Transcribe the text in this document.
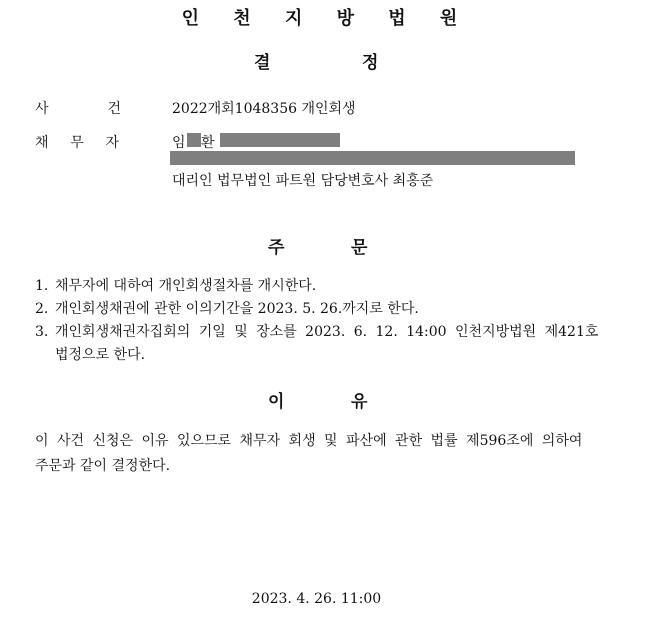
인 천 지 방 법 원
결	정
사	건	2022개회1048356 개인회생
채 무 자	임 환
대리인 법무법인 파트원 담당변호사 최홍준
주	문
1. 채무자에 대하여 개인회생절차를 개시한다.
2. 개인회생채권에 관한 이의기간을 2023. 5. 26.까지로 한다.
3. 개인회생채권자집회의 기일 및 장소를 2023. 6. 12. 14:00 인천지방법원 제421호
법정으로 한다.
이	유
이 사건 신청은 이유 있으므로 채무자 회생 및 파산에 관한 법률 제596조에 의하여
주문과 같이 결정한다.
2023. 4. 26. 11:00
